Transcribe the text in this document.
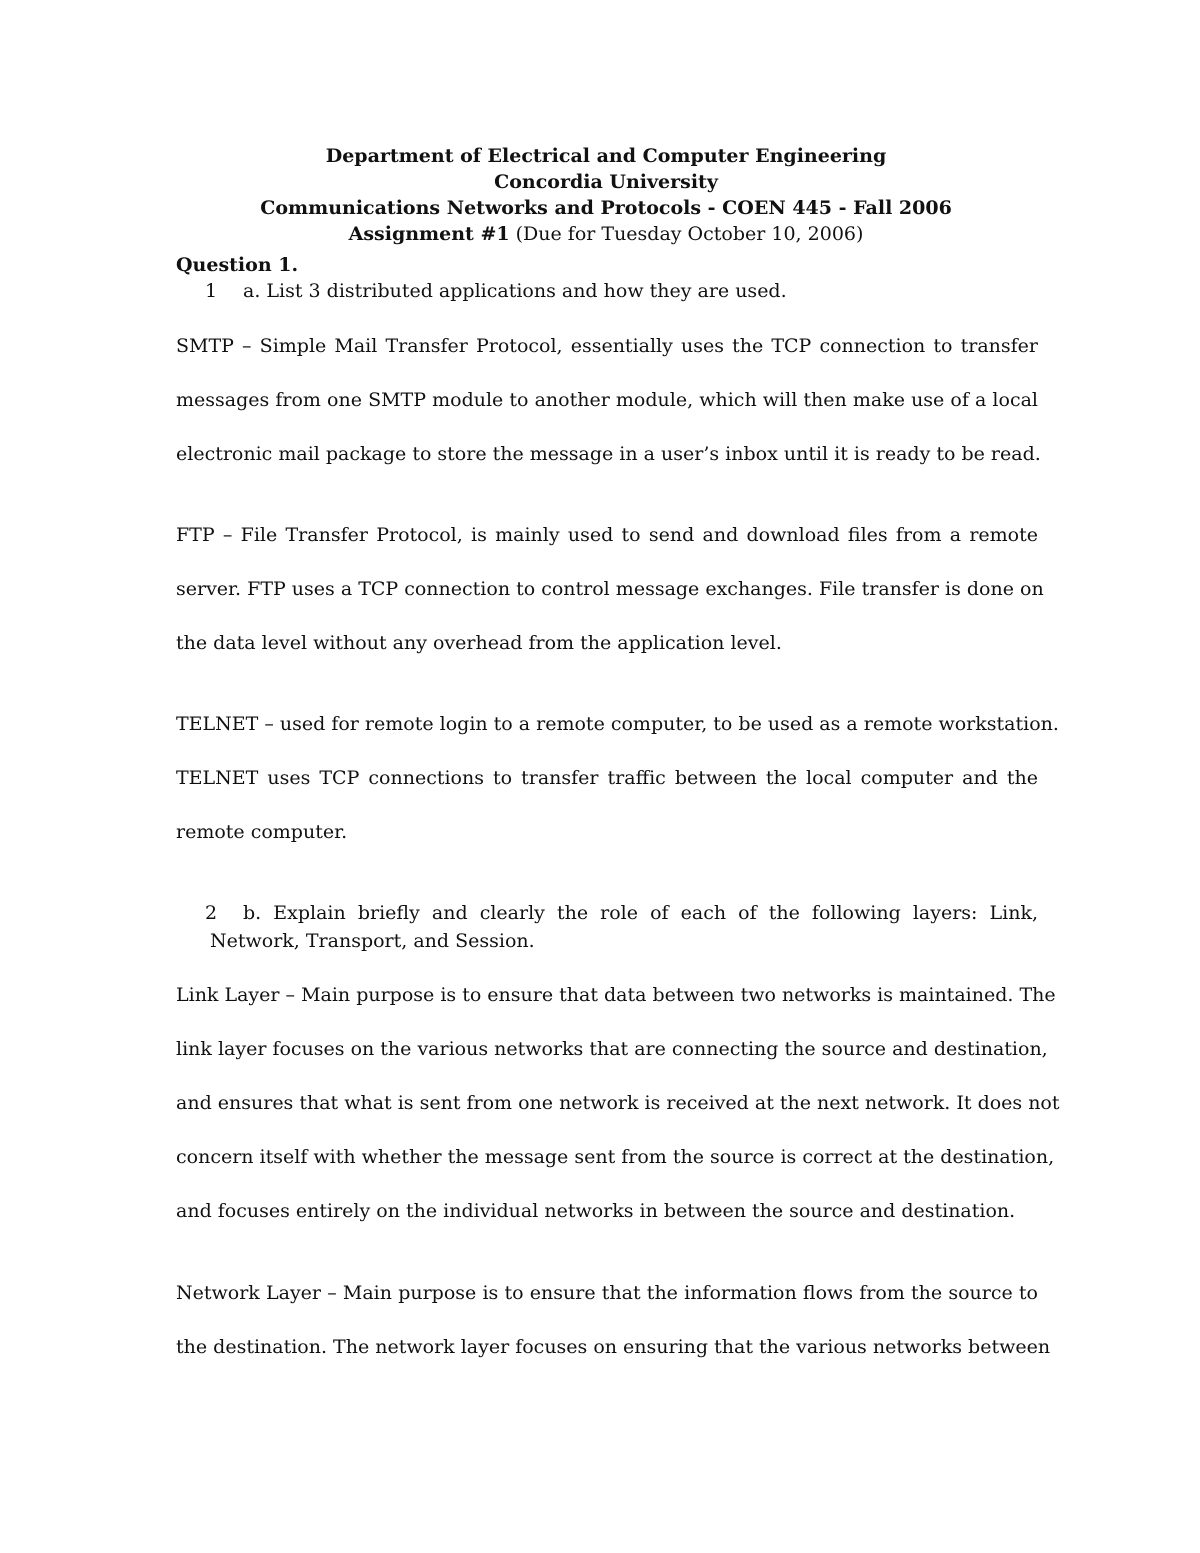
Department of Electrical and Computer Engineering
Concordia University
Communications Networks and Protocols - COEN 445 - Fall 2006
Assignment #1 (Due for Tuesday October 10, 2006)
Question 1.
1 a. List 3 distributed applications and how they are used.
SMTP – Simple Mail Transfer Protocol, essentially uses the TCP connection to transfer
messages from one SMTP module to another module, which will then make use of a local
electronic mail package to store the message in a user’s inbox until it is ready to be read.
FTP – File Transfer Protocol, is mainly used to send and download files from a remote
server. FTP uses a TCP connection to control message exchanges. File transfer is done on
the data level without any overhead from the application level.
TELNET – used for remote login to a remote computer, to be used as a remote workstation.
TELNET uses TCP connections to transfer traffic between the local computer and the
remote computer.
2 b. Explain briefly and clearly the role of each of the following layers: Link,
Network, Transport, and Session.
Link Layer – Main purpose is to ensure that data between two networks is maintained. The
link layer focuses on the various networks that are connecting the source and destination,
and ensures that what is sent from one network is received at the next network. It does not
concern itself with whether the message sent from the source is correct at the destination,
and focuses entirely on the individual networks in between the source and destination.
Network Layer – Main purpose is to ensure that the information flows from the source to
the destination. The network layer focuses on ensuring that the various networks between
